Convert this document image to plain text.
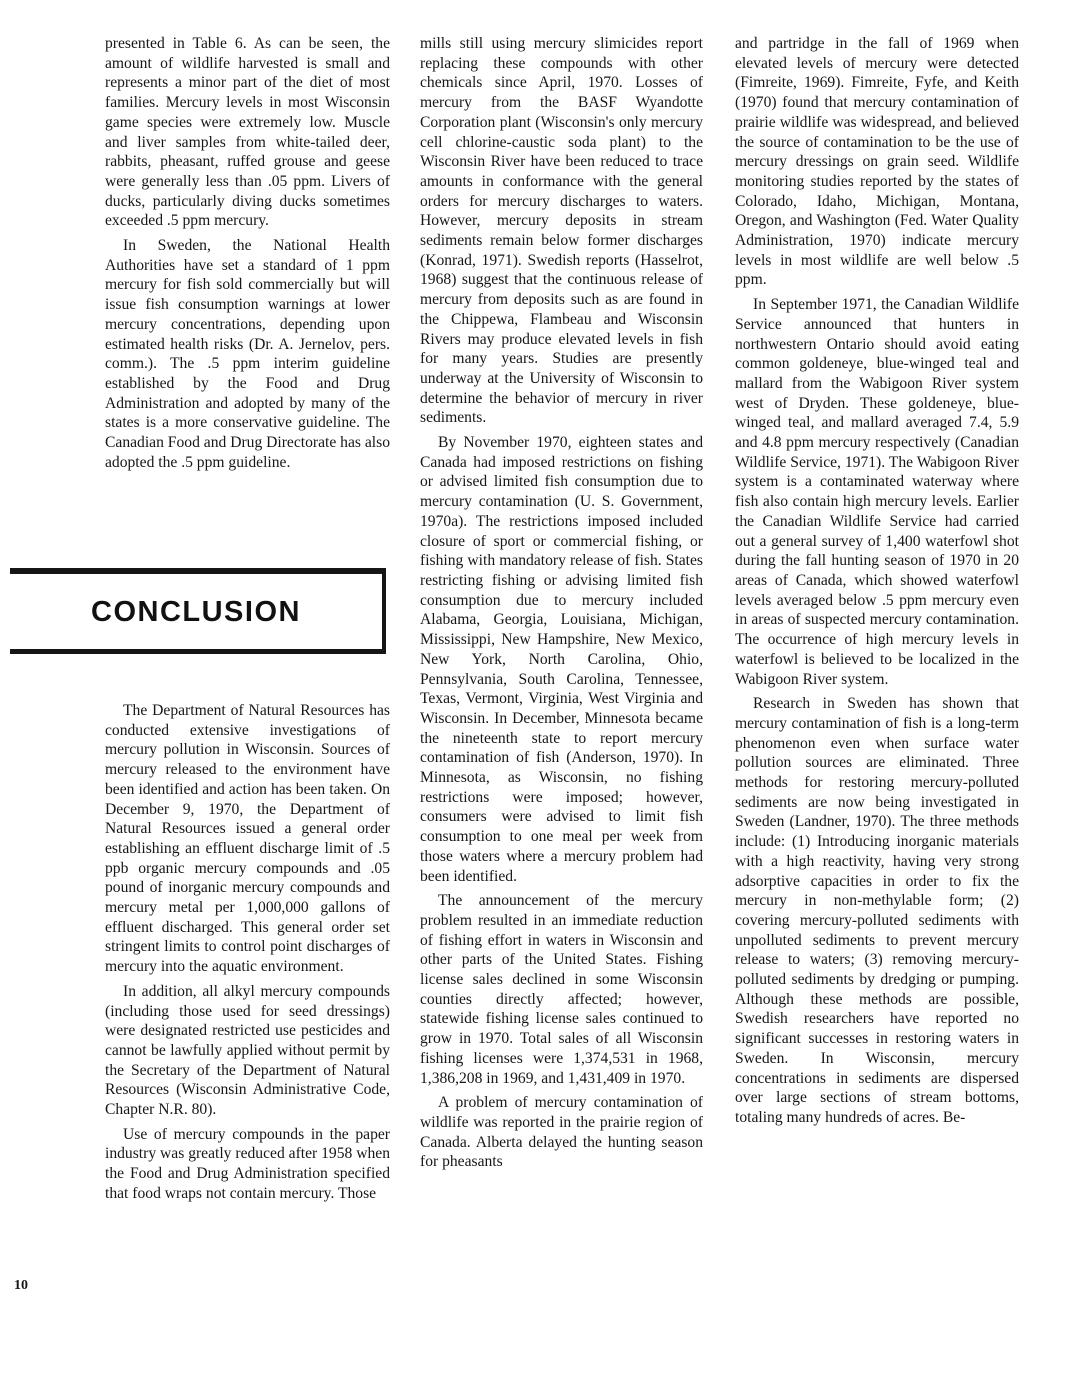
presented in Table 6. As can be seen, the amount of wildlife harvested is small and represents a minor part of the diet of most families. Mercury levels in most Wisconsin game species were extremely low. Muscle and liver samples from white-tailed deer, rabbits, pheasant, ruffed grouse and geese were generally less than .05 ppm. Livers of ducks, particularly diving ducks sometimes exceeded .5 ppm mercury.

In Sweden, the National Health Authorities have set a standard of 1 ppm mercury for fish sold commercially but will issue fish consumption warnings at lower mercury concentrations, depending upon estimated health risks (Dr. A. Jernelov, pers. comm.). The .5 ppm interim guideline established by the Food and Drug Administration and adopted by many of the states is a more conservative guideline. The Canadian Food and Drug Directorate has also adopted the .5 ppm guideline.

CONCLUSION

The Department of Natural Resources has conducted extensive investigations of mercury pollution in Wisconsin. Sources of mercury released to the environment have been identified and action has been taken. On December 9, 1970, the Department of Natural Resources issued a general order establishing an effluent discharge limit of .5 ppb organic mercury compounds and .05 pound of inorganic mercury compounds and mercury metal per 1,000,000 gallons of effluent discharged. This general order set stringent limits to control point discharges of mercury into the aquatic environment.

In addition, all alkyl mercury compounds (including those used for seed dressings) were designated restricted use pesticides and cannot be lawfully applied without permit by the Secretary of the Department of Natural Resources (Wisconsin Administrative Code, Chapter N.R. 80).

Use of mercury compounds in the paper industry was greatly reduced after 1958 when the Food and Drug Administration specified that food wraps not contain mercury. Those

mills still using mercury slimicides report replacing these compounds with other chemicals since April, 1970. Losses of mercury from the BASF Wyandotte Corporation plant (Wisconsin's only mercury cell chlorine-caustic soda plant) to the Wisconsin River have been reduced to trace amounts in conformance with the general orders for mercury discharges to waters. However, mercury deposits in stream sediments remain below former discharges (Konrad, 1971). Swedish reports (Hasselrot, 1968) suggest that the continuous release of mercury from deposits such as are found in the Chippewa, Flambeau and Wisconsin Rivers may produce elevated levels in fish for many years. Studies are presently underway at the University of Wisconsin to determine the behavior of mercury in river sediments.

By November 1970, eighteen states and Canada had imposed restrictions on fishing or advised limited fish consumption due to mercury contamination (U. S. Government, 1970a). The restrictions imposed included closure of sport or commercial fishing, or fishing with mandatory release of fish. States restricting fishing or advising limited fish consumption due to mercury included Alabama, Georgia, Louisiana, Michigan, Mississippi, New Hampshire, New Mexico, New York, North Carolina, Ohio, Pennsylvania, South Carolina, Tennessee, Texas, Vermont, Virginia, West Virginia and Wisconsin. In December, Minnesota became the nineteenth state to report mercury contamination of fish (Anderson, 1970). In Minnesota, as Wisconsin, no fishing restrictions were imposed; however, consumers were advised to limit fish consumption to one meal per week from those waters where a mercury problem had been identified.

The announcement of the mercury problem resulted in an immediate reduction of fishing effort in waters in Wisconsin and other parts of the United States. Fishing license sales declined in some Wisconsin counties directly affected; however, statewide fishing license sales continued to grow in 1970. Total sales of all Wisconsin fishing licenses were 1,374,531 in 1968, 1,386,208 in 1969, and 1,431,409 in 1970.

A problem of mercury contamination of wildlife was reported in the prairie region of Canada. Alberta delayed the hunting season for pheasants

and partridge in the fall of 1969 when elevated levels of mercury were detected (Fimreite, 1969). Fimreite, Fyfe, and Keith (1970) found that mercury contamination of prairie wildlife was widespread, and believed the source of contamination to be the use of mercury dressings on grain seed. Wildlife monitoring studies reported by the states of Colorado, Idaho, Michigan, Montana, Oregon, and Washington (Fed. Water Quality Administration, 1970) indicate mercury levels in most wildlife are well below .5 ppm.

In September 1971, the Canadian Wildlife Service announced that hunters in northwestern Ontario should avoid eating common goldeneye, blue-winged teal and mallard from the Wabigoon River system west of Dryden. These goldeneye, blue-winged teal, and mallard averaged 7.4, 5.9 and 4.8 ppm mercury respectively (Canadian Wildlife Service, 1971). The Wabigoon River system is a contaminated waterway where fish also contain high mercury levels. Earlier the Canadian Wildlife Service had carried out a general survey of 1,400 waterfowl shot during the fall hunting season of 1970 in 20 areas of Canada, which showed waterfowl levels averaged below .5 ppm mercury even in areas of suspected mercury contamination. The occurrence of high mercury levels in waterfowl is believed to be localized in the Wabigoon River system.

Research in Sweden has shown that mercury contamination of fish is a long-term phenomenon even when surface water pollution sources are eliminated. Three methods for restoring mercury-polluted sediments are now being investigated in Sweden (Landner, 1970). The three methods include: (1) Introducing inorganic materials with a high reactivity, having very strong adsorptive capacities in order to fix the mercury in non-methylable form; (2) covering mercury-polluted sediments with unpolluted sediments to prevent mercury release to waters; (3) removing mercury-polluted sediments by dredging or pumping. Although these methods are possible, Swedish researchers have reported no significant successes in restoring waters in Sweden. In Wisconsin, mercury concentrations in sediments are dispersed over large sections of stream bottoms, totaling many hundreds of acres. Be-

10
